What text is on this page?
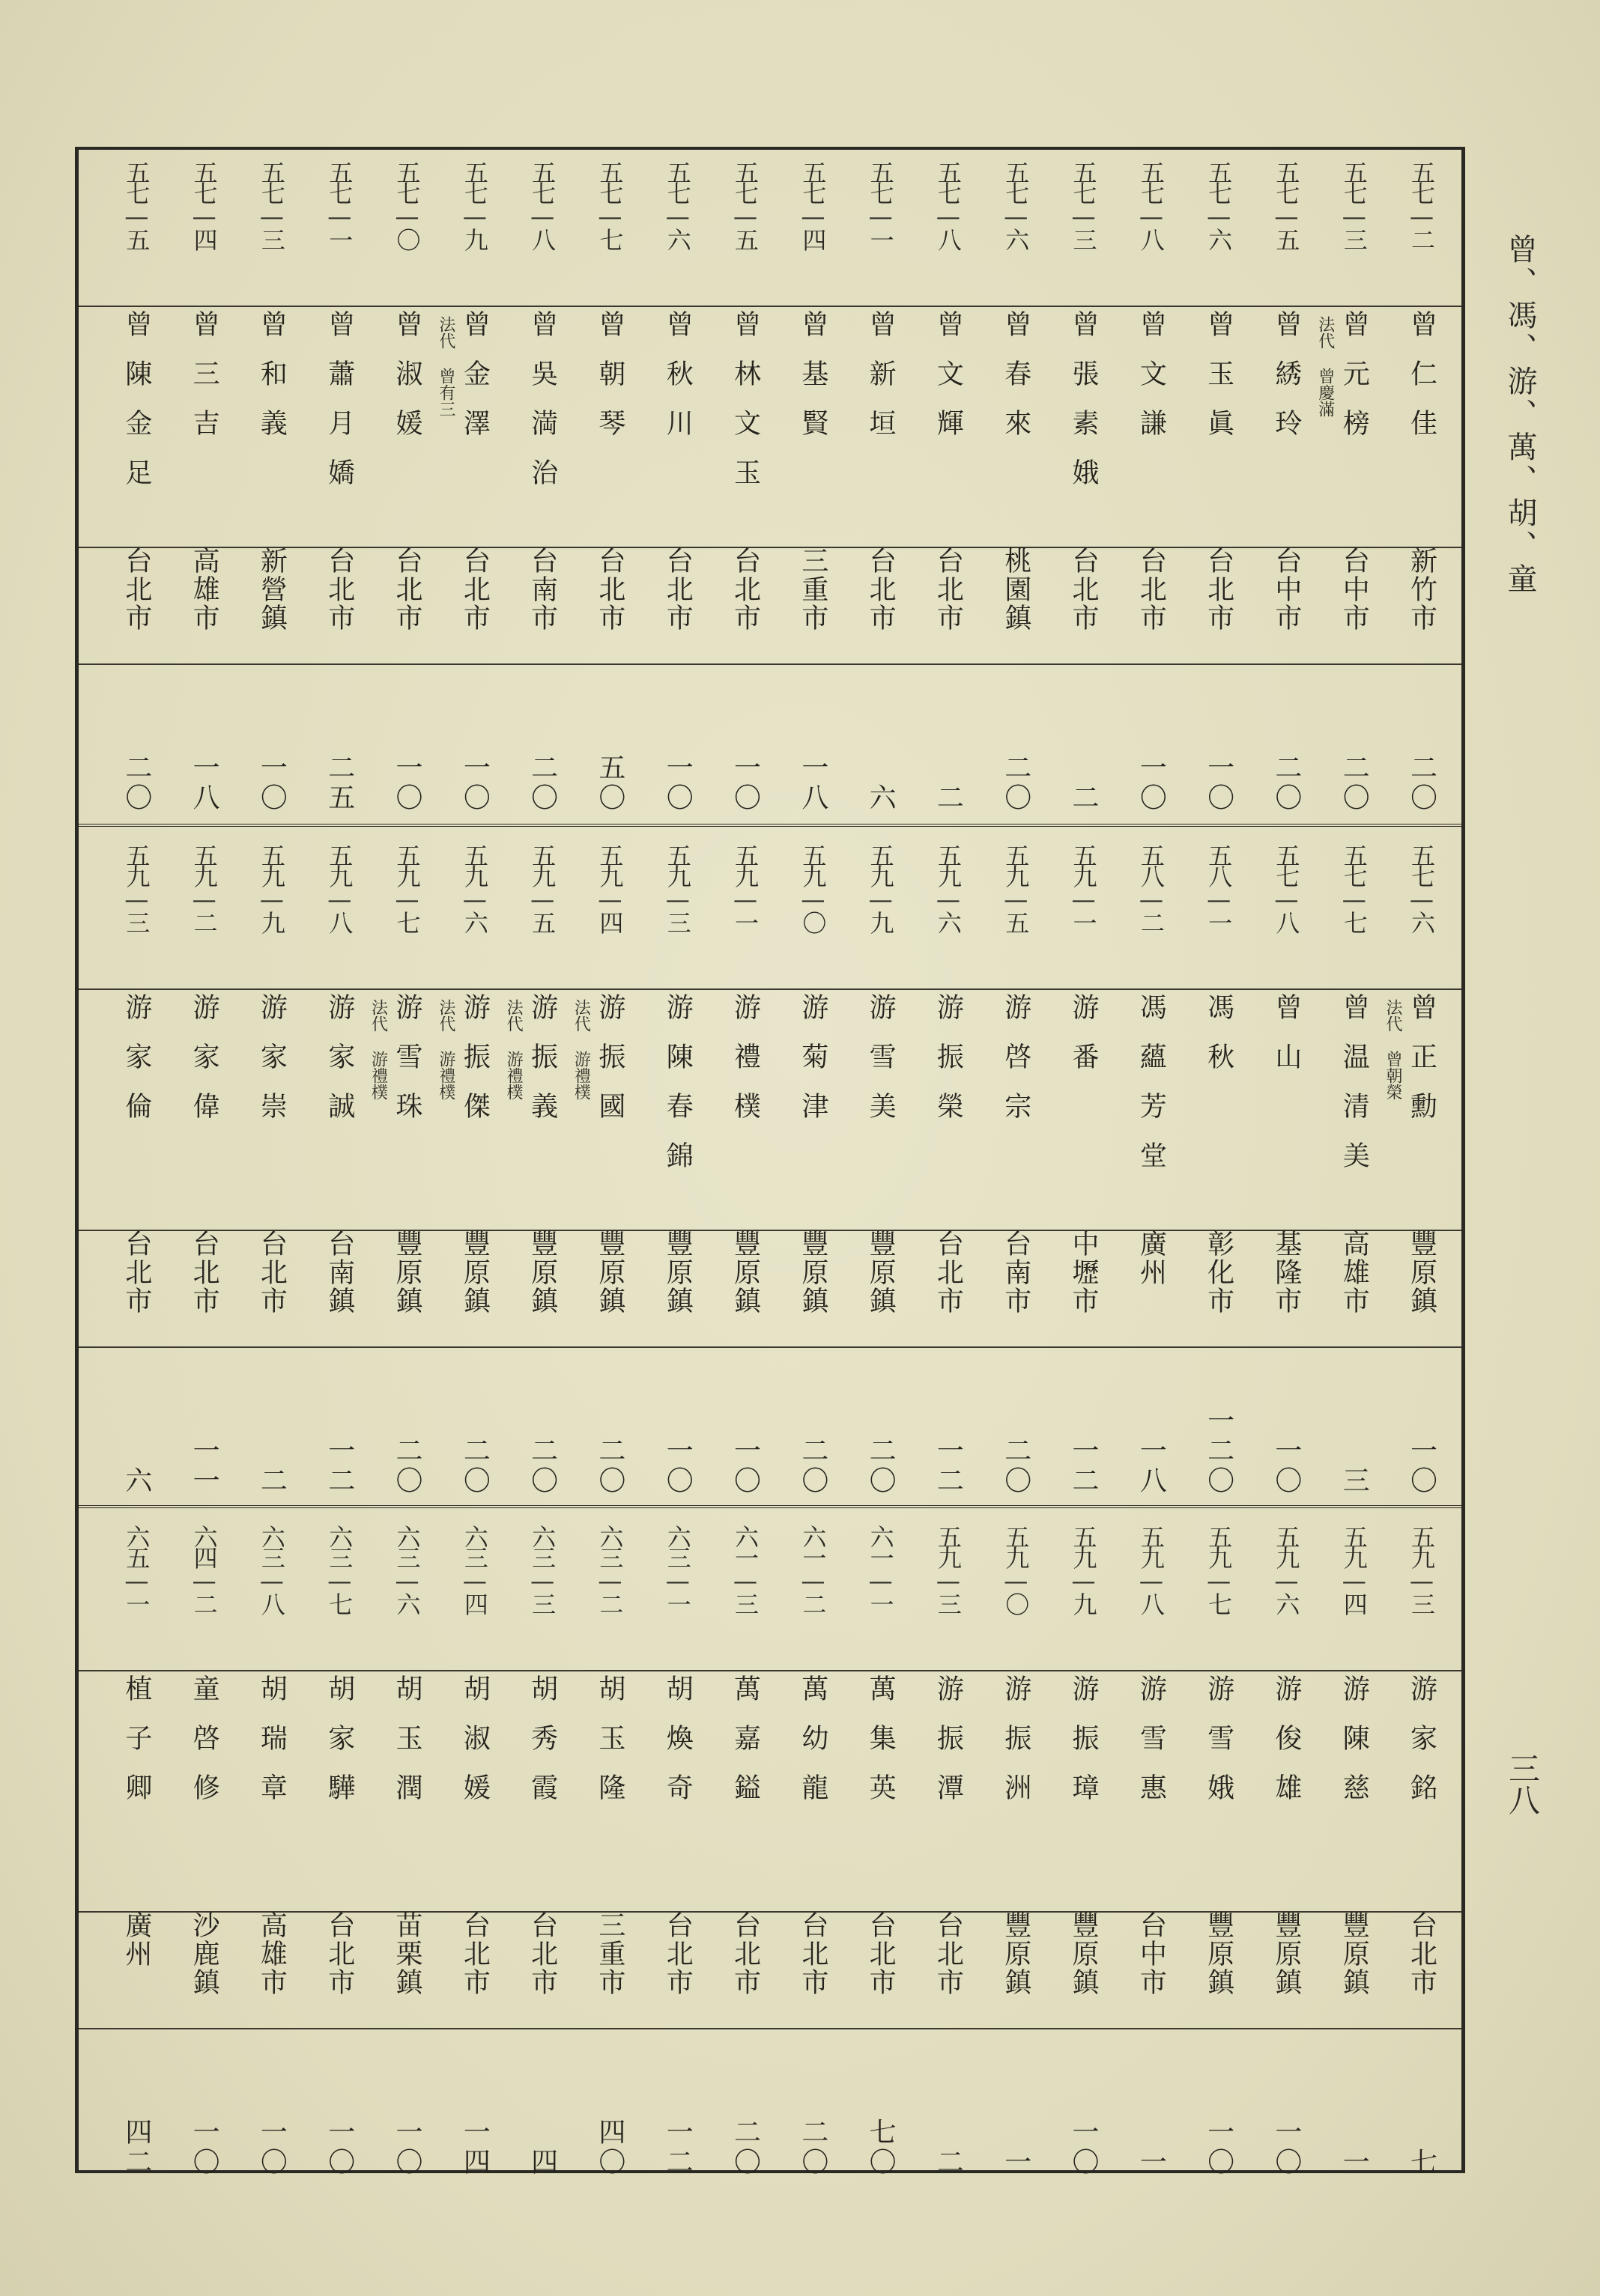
曾、馮、游、萬、胡、童
三八
五七—二
曾仁佳
新竹市
二〇
五七—三
曾元榜
台中市
二〇
法代 曾慶滿
五七—五
曾綉玲
台中市
二〇
五七—六
曾玉眞
台北市
一〇
五七—八
曾文謙
台北市
一〇
五七—三
曾張素娥
台北市
二
五七—六
曾春來
桃園鎮
二〇
五七—八
曾文輝
台北市
二
五七—一
曾新垣
台北市
六
五七—四
曾基賢
三重市
一八
五七—五
曾林文玉
台北市
一〇
五七—六
曾秋川
台北市
一〇
五七—七
曾朝琴
台北市
五〇
五七—八
曾吳満治
台南市
二〇
五七—九
曾金澤
台北市
一〇
法代 曾有三
五七—〇
曾淑媛
台北市
一〇
五七—一
曾蕭月嬌
台北市
二五
五七—三
曾和義
新營鎮
一〇
五七—四
曾三吉
高雄市
一八
五七—五
曾陳金足
台北市
二〇
五七—六
曾正勳
豐原鎮
一〇
法代 曾朝榮
五七—七
曾温清美
高雄市
三
五七—八
曾山
基隆市
一〇
五八—一
馮秋
彰化市
一二〇
五八—二
馮蘊芳堂
廣州
一八
五九—一
游番
中壢市
一二
五九—五
游啓宗
台南市
二〇
五九—六
游振榮
台北市
一二
五九—九
游雪美
豐原鎮
二〇
五九—〇
游菊津
豐原鎮
二〇
五九—一
游禮樸
豐原鎮
一〇
五九—三
游陳春錦
豐原鎮
一〇
五九—四
游振國
豐原鎮
二〇
法代 游禮樸
五九—五
游振義
豐原鎮
二〇
法代 游禮樸
五九—六
游振傑
豐原鎮
二〇
法代 游禮樸
五九—七
游雪珠
豐原鎮
二〇
法代 游禮樸
五九—八
游家誠
台南鎮
一二
五九—九
游家崇
台北市
二
五九—二
游家偉
台北市
一一
五九—三
游家倫
台北市
六
五九—三
游家銘
台北市
七
五九—四
游陳慈
豐原鎮
一
五九—六
游俊雄
豐原鎮
一〇
五九—七
游雪娥
豐原鎮
一〇
五九—八
游雪惠
台中市
一
五九—九
游振璋
豐原鎮
一〇
五九—〇
游振洲
豐原鎮
一
五九—三
游振潭
台北市
二
六一—一
萬集英
台北市
七〇
六一—二
萬幼龍
台北市
二〇
六一—三
萬嘉鎰
台北市
二〇
六三—一
胡煥奇
台北市
一二
六三—二
胡玉隆
三重市
四〇
六三—三
胡秀霞
台北市
四
六三—四
胡淑媛
台北市
一四
六三—六
胡玉潤
苗栗鎮
一〇
六三—七
胡家驊
台北市
一〇
六三—八
胡瑞章
高雄市
一〇
六四—二
童啓修
沙鹿鎮
一〇
六五—一
植子卿
廣州
四二
